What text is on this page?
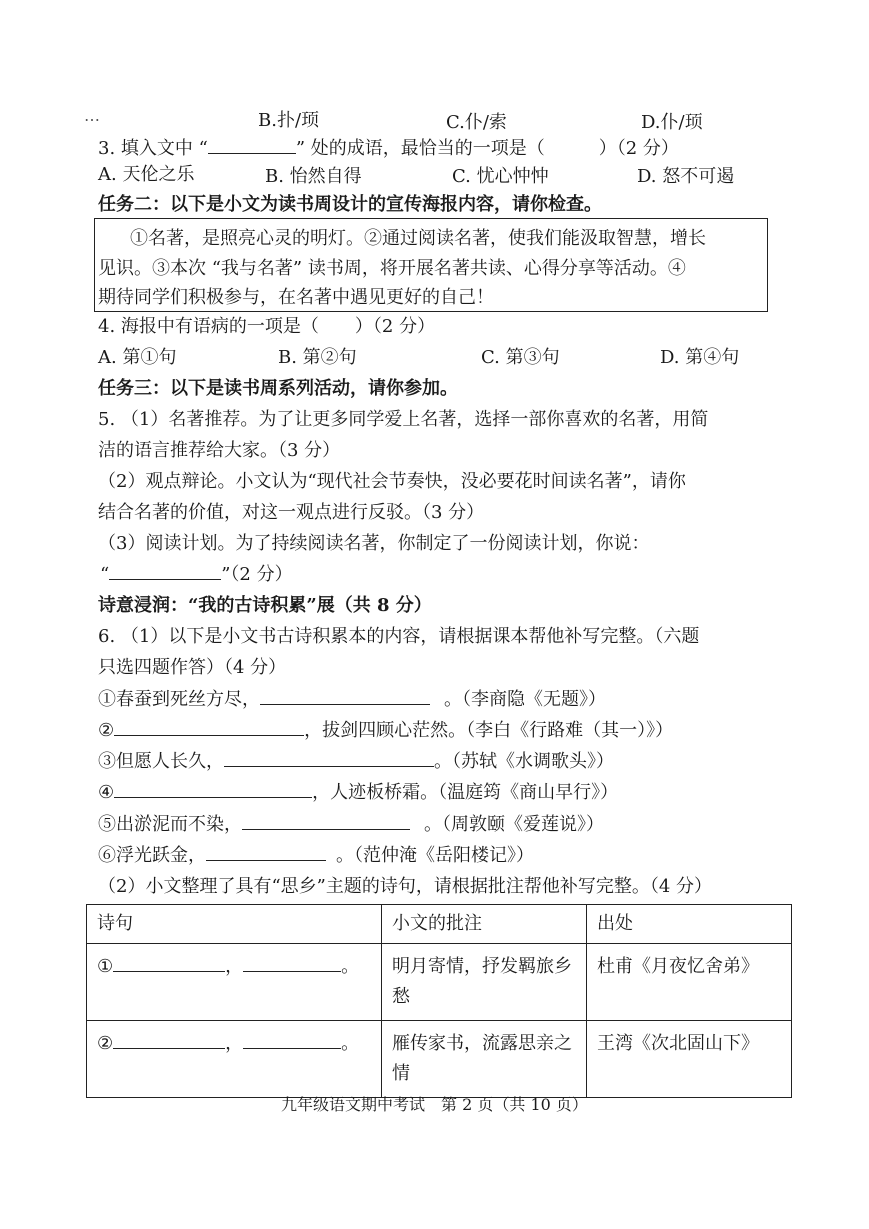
⋯	B.扑/顼	C.仆/索	D.仆/顼
3. 填入文中 “	” 处的成语，最恰当的一项是（　　　）（2 分）
A. 天伦之乐	B. 怡然自得	C. 忧心忡忡	D. 怒不可遏
任务二：以下是小文为读书周设计的宣传海报内容，请你检查。
①名著，是照亮心灵的明灯。②通过阅读名著，使我们能汲取智慧，增长
见识。③本次 “我与名著” 读书周，将开展名著共读、心得分享等活动。④
期待同学们积极参与，在名著中遇见更好的自己！
4. 海报中有语病的一项是（　　）（2 分）
A. 第①句	B. 第②句	C. 第③句	D. 第④句
任务三：以下是读书周系列活动，请你参加。
5. （1）名著推荐。为了让更多同学爱上名著，选择一部你喜欢的名著，用简
洁的语言推荐给大家。（3 分）
（2）观点辩论。小文认为“现代社会节奏快，没必要花时间读名著”，请你
结合名著的价值，对这一观点进行反驳。（3 分）
（3）阅读计划。为了持续阅读名著，你制定了一份阅读计划，你说：
“	”（2 分）
诗意浸润：“我的古诗积累”展（共 8 分）
6. （1）以下是小文书古诗积累本的内容，请根据课本帮他补写完整。（六题
只选四题作答）（4 分）
①春蚕到死丝方尽，	。（李商隐《无题》）
②	，拔剑四顾心茫然。（李白《行路难（其一）》）
③但愿人长久，	。（苏轼《水调歌头》）
④	，人迹板桥霜。（温庭筠《商山早行》）
⑤出淤泥而不染，	。（周敦颐《爱莲说》）
⑥浮光跃金，	。（范仲淹《岳阳楼记》）
（2）小文整理了具有“思乡”主题的诗句，请根据批注帮他补写完整。（4 分）
诗句	小文的批注	出处
① ， 。	明月寄情，抒发羁旅乡愁	杜甫《月夜忆舍弟》
② ， 。	雁传家书，流露思亲之情	王湾《次北固山下》
九年级语文期中考试　第 2 页（共 10 页）
